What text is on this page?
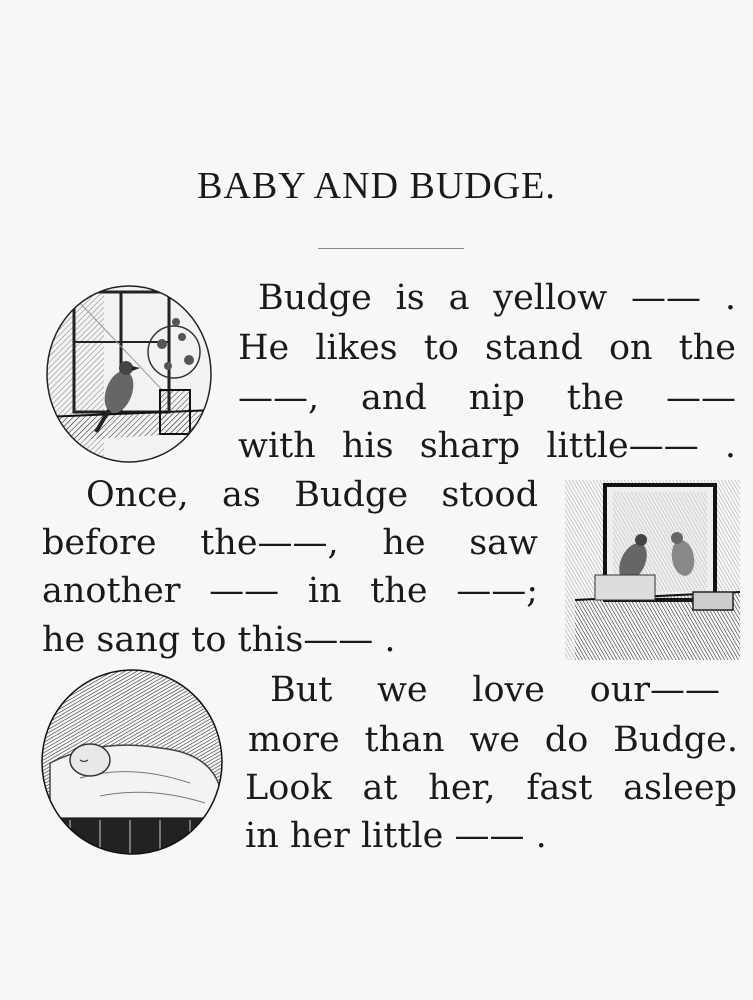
BABY AND BUDGE.
Budge is a yellow —— .
He likes to stand on the
——, and nip the ——
with his sharp little—— .
Once, as Budge stood
before the——, he saw
another —— in the ——;
he sang to this—— .
But we love our——
more than we do Budge.
Look at her, fast asleep
in her little —— .
